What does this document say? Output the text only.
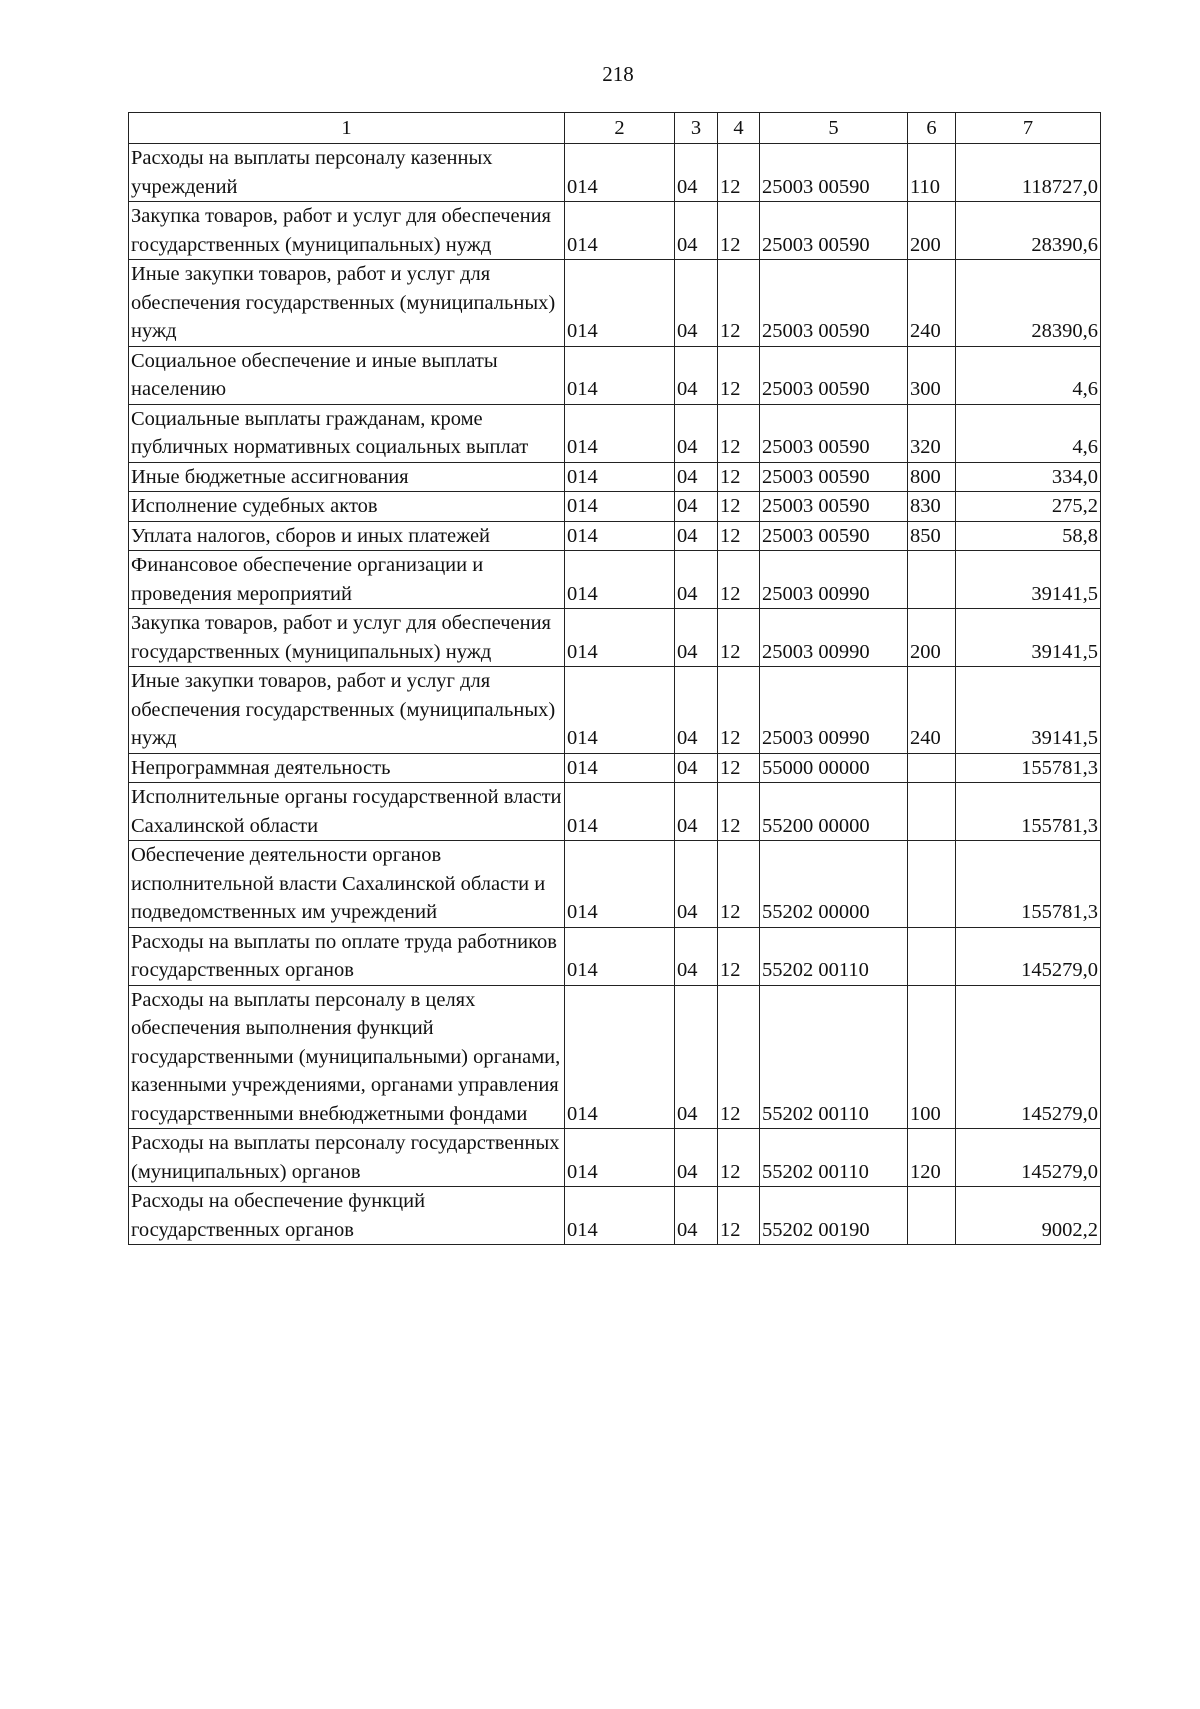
218
1	2	3	4	5	6	7
Расходы на выплаты персоналу казенных учреждений	014	04	12	25003 00590	110	118727,0
Закупка товаров, работ и услуг для обеспечения государственных (муниципальных) нужд	014	04	12	25003 00590	200	28390,6
Иные закупки товаров, работ и услуг для обеспечения государственных (муниципальных) нужд	014	04	12	25003 00590	240	28390,6
Социальное обеспечение и иные выплаты населению	014	04	12	25003 00590	300	4,6
Социальные выплаты гражданам, кроме публичных нормативных социальных выплат	014	04	12	25003 00590	320	4,6
Иные бюджетные ассигнования	014	04	12	25003 00590	800	334,0
Исполнение судебных актов	014	04	12	25003 00590	830	275,2
Уплата налогов, сборов и иных платежей	014	04	12	25003 00590	850	58,8
Финансовое обеспечение организации и проведения мероприятий	014	04	12	25003 00990		39141,5
Закупка товаров, работ и услуг для обеспечения государственных (муниципальных) нужд	014	04	12	25003 00990	200	39141,5
Иные закупки товаров, работ и услуг для обеспечения государственных (муниципальных) нужд	014	04	12	25003 00990	240	39141,5
Непрограммная деятельность	014	04	12	55000 00000		155781,3
Исполнительные органы государственной власти Сахалинской области	014	04	12	55200 00000		155781,3
Обеспечение деятельности органов исполнительной власти Сахалинской области и подведомственных им учреждений	014	04	12	55202 00000		155781,3
Расходы на выплаты по оплате труда работников государственных органов	014	04	12	55202 00110		145279,0
Расходы на выплаты персоналу в целях обеспечения выполнения функций государственными (муниципальными) органами, казенными учреждениями, органами управления государственными внебюджетными фондами	014	04	12	55202 00110	100	145279,0
Расходы на выплаты персоналу государственных (муниципальных) органов	014	04	12	55202 00110	120	145279,0
Расходы на обеспечение функций государственных органов	014	04	12	55202 00190		9002,2
